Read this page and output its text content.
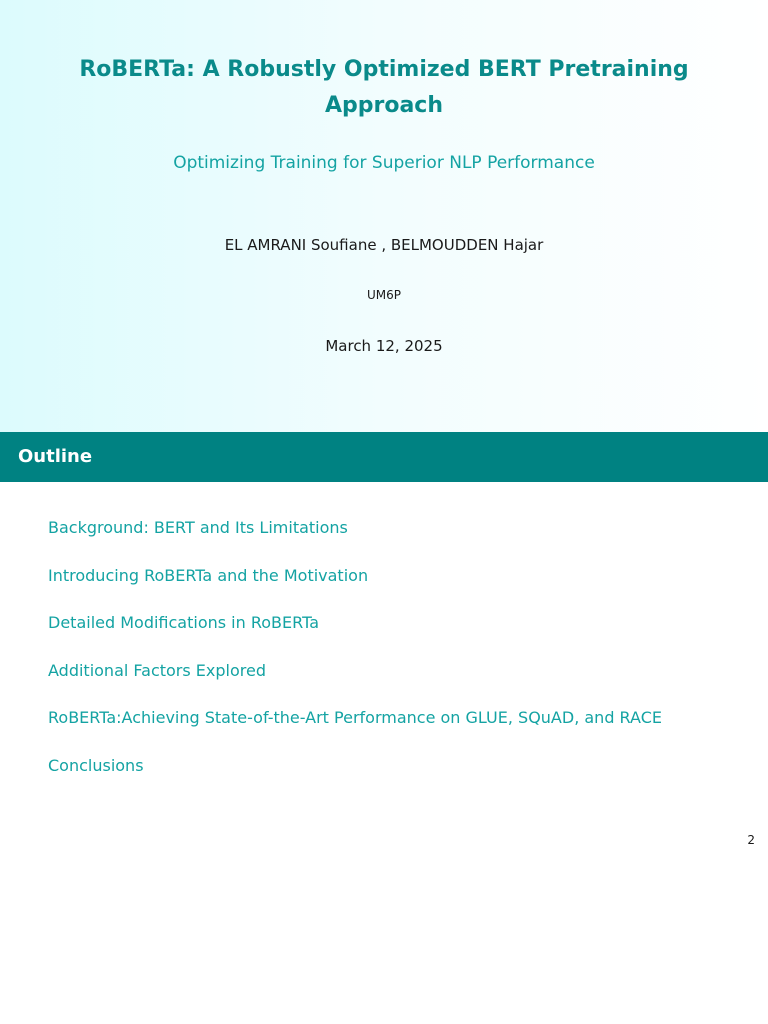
RoBERTa: A Robustly Optimized BERT Pretraining Approach
Optimizing Training for Superior NLP Performance
EL AMRANI Soufiane , BELMOUDDEN Hajar
UM6P
March 12, 2025
Outline
Background: BERT and Its Limitations
Introducing RoBERTa and the Motivation
Detailed Modifications in RoBERTa
Additional Factors Explored
RoBERTa:Achieving State-of-the-Art Performance on GLUE, SQuAD, and RACE
Conclusions
2
